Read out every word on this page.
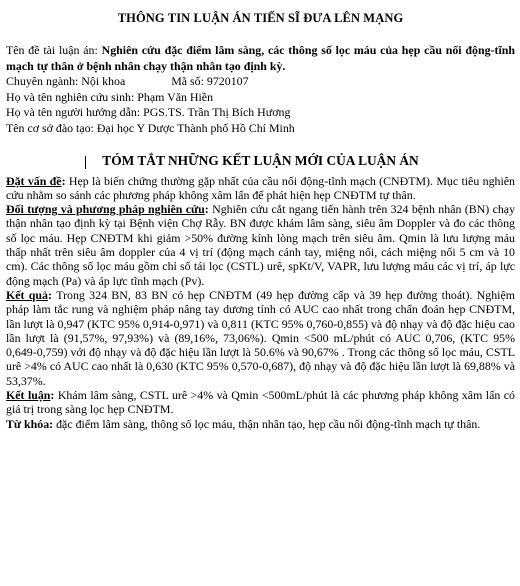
THÔNG TIN LUẬN ÁN TIẾN SĨ ĐƯA LÊN MẠNG

Tên đề tài luận án: Nghiên cứu đặc điểm lâm sàng, các thông số lọc máu của hẹp cầu nối động-tĩnh mạch tự thân ở bệnh nhân chạy thận nhân tạo định kỳ.

Chuyên ngành: Nội khoa	Mã số: 9720107

Họ và tên nghiên cứu sinh: Phạm Văn Hiền

Họ và tên người hướng dẫn: PGS.TS. Trần Thị Bích Hương

Tên cơ sở đào tạo: Đại học Y Dược Thành phố Hồ Chí Minh

TÓM TẮT NHỮNG KẾT LUẬN MỚI CỦA LUẬN ÁN

Đặt vấn đề: Hẹp là biến chứng thường gặp nhất của cầu nối động-tĩnh mạch (CNĐTM). Mục tiêu nghiên cứu nhằm so sánh các phương pháp không xâm lấn để phát hiện hẹp CNĐTM tự thân.

Đối tượng và phương pháp nghiên cứu: Nghiên cứu cắt ngang tiến hành trên 324 bệnh nhân (BN) chạy thận nhân tạo định kỳ tại Bệnh viện Chợ Rẫy. BN được khám lâm sàng, siêu âm Doppler và đo các thông số lọc máu. Hẹp CNĐTM khi giảm >50% đường kính lòng mạch trên siêu âm. Qmin là lưu lượng máu thấp nhất trên siêu âm doppler của 4 vị trí (động mạch cánh tay, miệng nối, cách miệng nối 5 cm và 10 cm). Các thông số lọc máu gồm chỉ số tái lọc (CSTL) urê, spKt/V, VAPR, lưu lượng máu các vị trí, áp lực động mạch (Pa) và áp lực tĩnh mạch (Pv).

Kết quả: Trong 324 BN, 83 BN có hẹp CNĐTM (49 hẹp đường cấp và 39 hẹp đường thoát). Nghiệm pháp làm tắc rung và nghiệm pháp nâng tay dương tính có AUC cao nhất trong chẩn đoán hẹp CNĐTM, lần lượt là 0,947 (KTC 95% 0,914-0,971) và 0,811 (KTC 95% 0,760-0,855) và độ nhạy và độ đặc hiệu cao lần lượt là (91,57%, 97,93%) và (89,16%, 73,06%). Qmin <500 mL/phút có AUC 0,706, (KTC 95% 0,649-0,759) với độ nhạy và độ đặc hiệu lần lượt là 50.6% và 90,67% . Trong các thông số lọc máu, CSTL urê >4% có AUC cao nhất là 0,630 (KTC 95% 0,570-0,687), độ nhạy và độ đặc hiệu lần lượt là 69,88% và 53,37%.

Kết luận: Khám lâm sàng, CSTL urê >4% và Qmin <500mL/phút là các phương pháp không xâm lấn có giá trị trong sàng lọc hẹp CNĐTM.

Từ khóa: đặc điểm lâm sàng, thông số lọc máu, thận nhân tạo, hẹp cầu nối động-tĩnh mạch tự thân.
